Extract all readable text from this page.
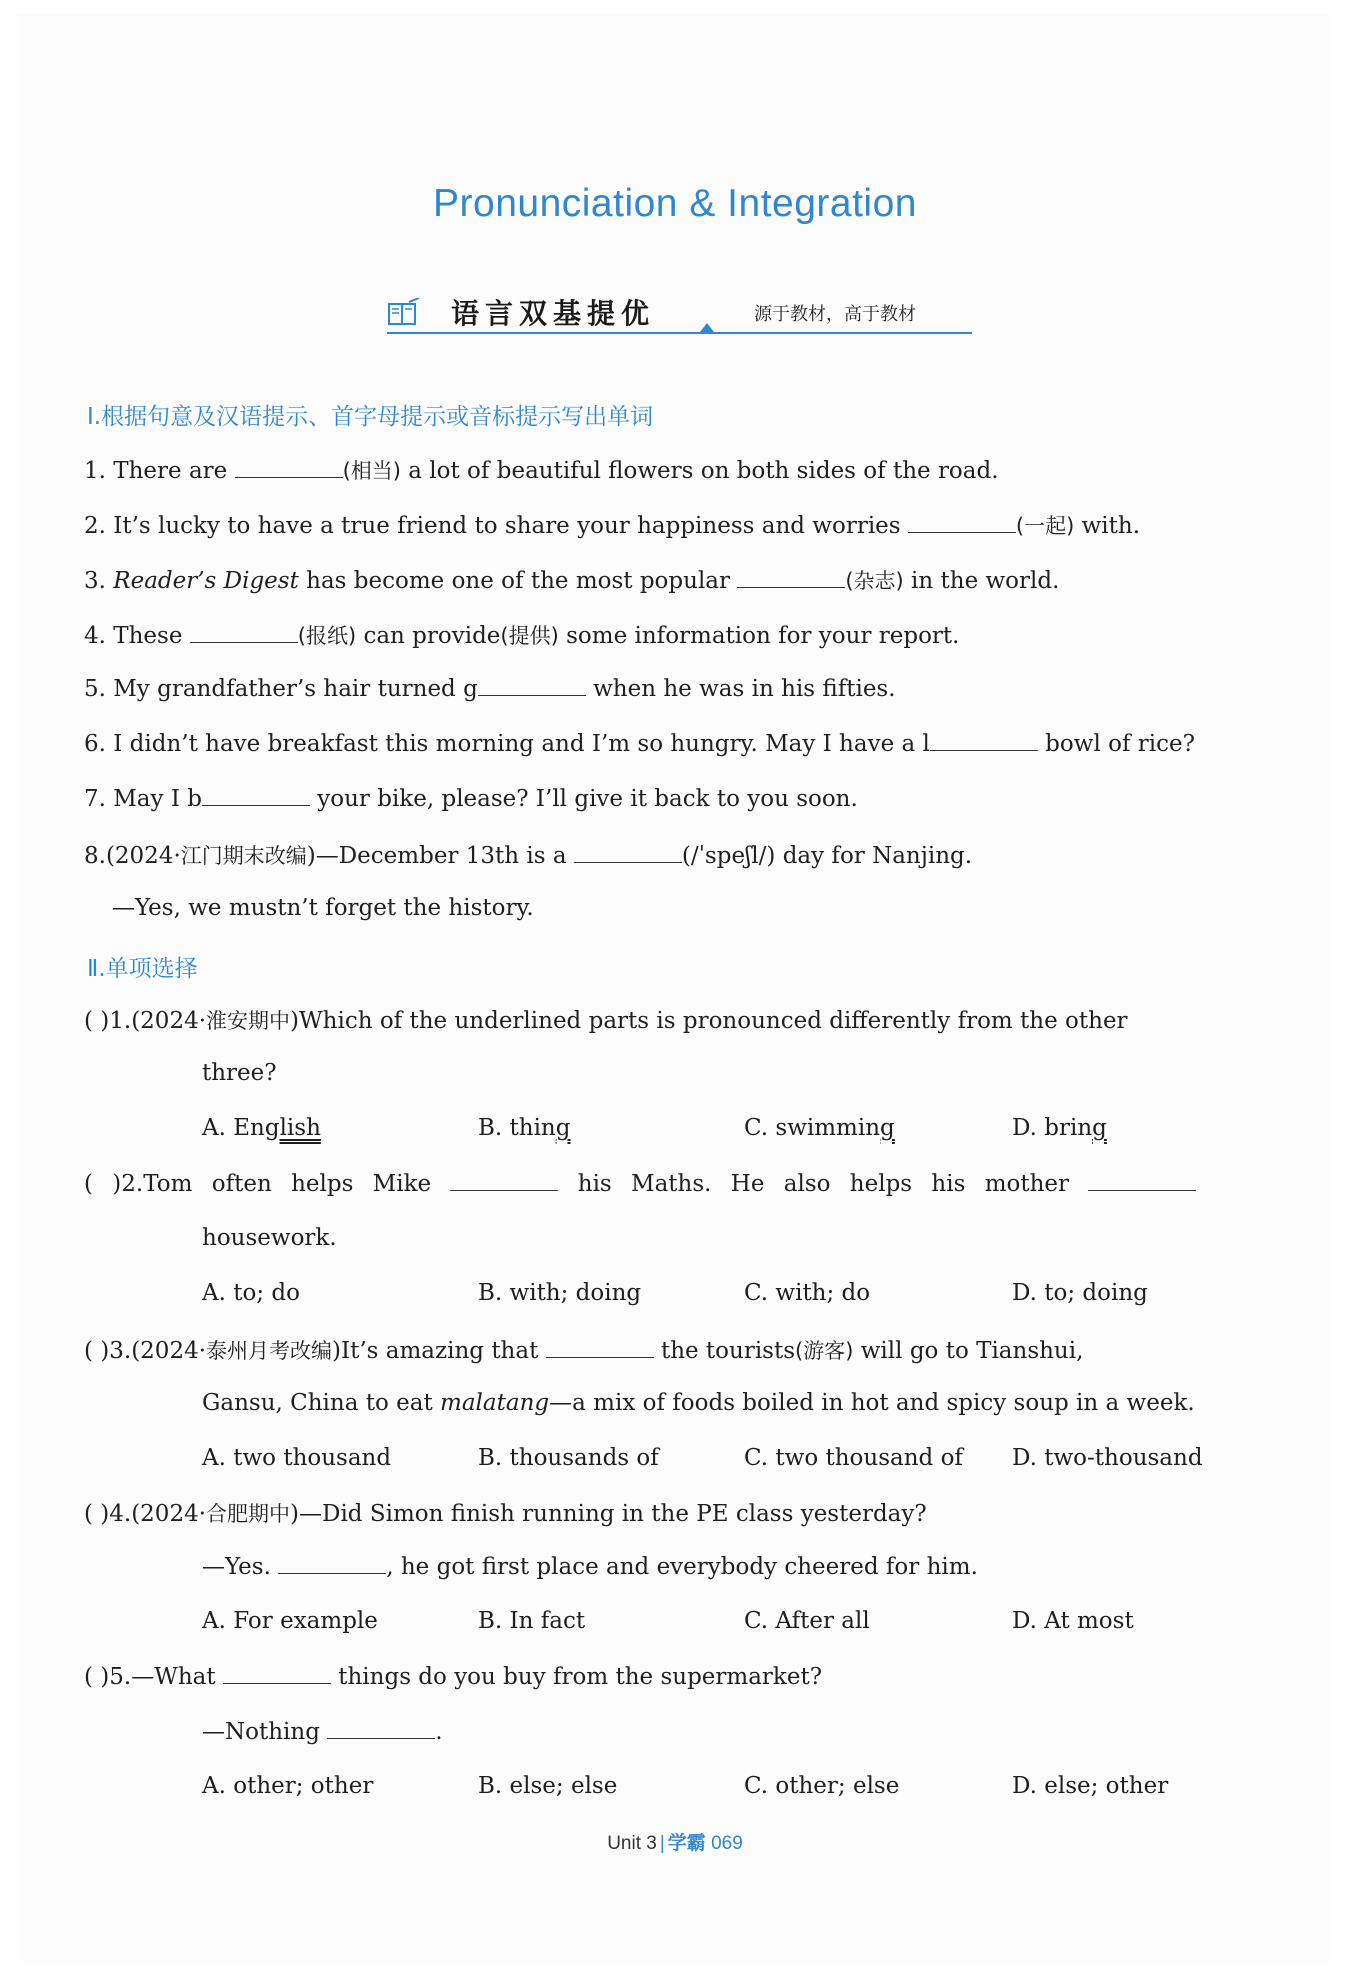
Pronunciation & Integration
语言双基提优	源于教材，高于教材
Ⅰ.根据句意及汉语提示、首字母提示或音标提示写出单词
1. There are	(相当) a lot of beautiful flowers on both sides of the road.
2. It’s lucky to have a true friend to share your happiness and worries	(一起) with.
3. Reader’s Digest has become one of the most popular	(杂志) in the world.
4. These	(报纸) can provide(提供) some information for your report.
5. My grandfather’s hair turned g	when he was in his fifties.
6. I didn’t have breakfast this morning and I’m so hungry. May I have a l	bowl of rice?
7. May I b	your bike, please? I’ll give it back to you soon.
8.(2024·江门期末改编)—December 13th is a	(/ˈspeʃl/) day for Nanjing.
—Yes, we mustn’t forget the history.
Ⅱ.单项选择
( )1.(2024·淮安期中)Which of the underlined parts is pronounced differently from the other
three?
A. English	B. thing	C. swimming	D. bring
( )2.Tom often helps Mike	his Maths. He also helps his mother
housework.
A. to; do	B. with; doing	C. with; do	D. to; doing
( )3.(2024·泰州月考改编)It’s amazing that	the tourists(游客) will go to Tianshui,
Gansu, China to eat malatang—a mix of foods boiled in hot and spicy soup in a week.
A. two thousand	B. thousands of	C. two thousand of D. two-thousand
( )4.(2024·合肥期中)—Did Simon finish running in the PE class yesterday?
—Yes.	, he got first place and everybody cheered for him.
A. For example	B. In fact	C. After all	D. At most
( )5.—What	things do you buy from the supermarket?
—Nothing	.
A. other; other	B. else; else	C. other; else	D. else; other
Unit 3 | 学霸 069
